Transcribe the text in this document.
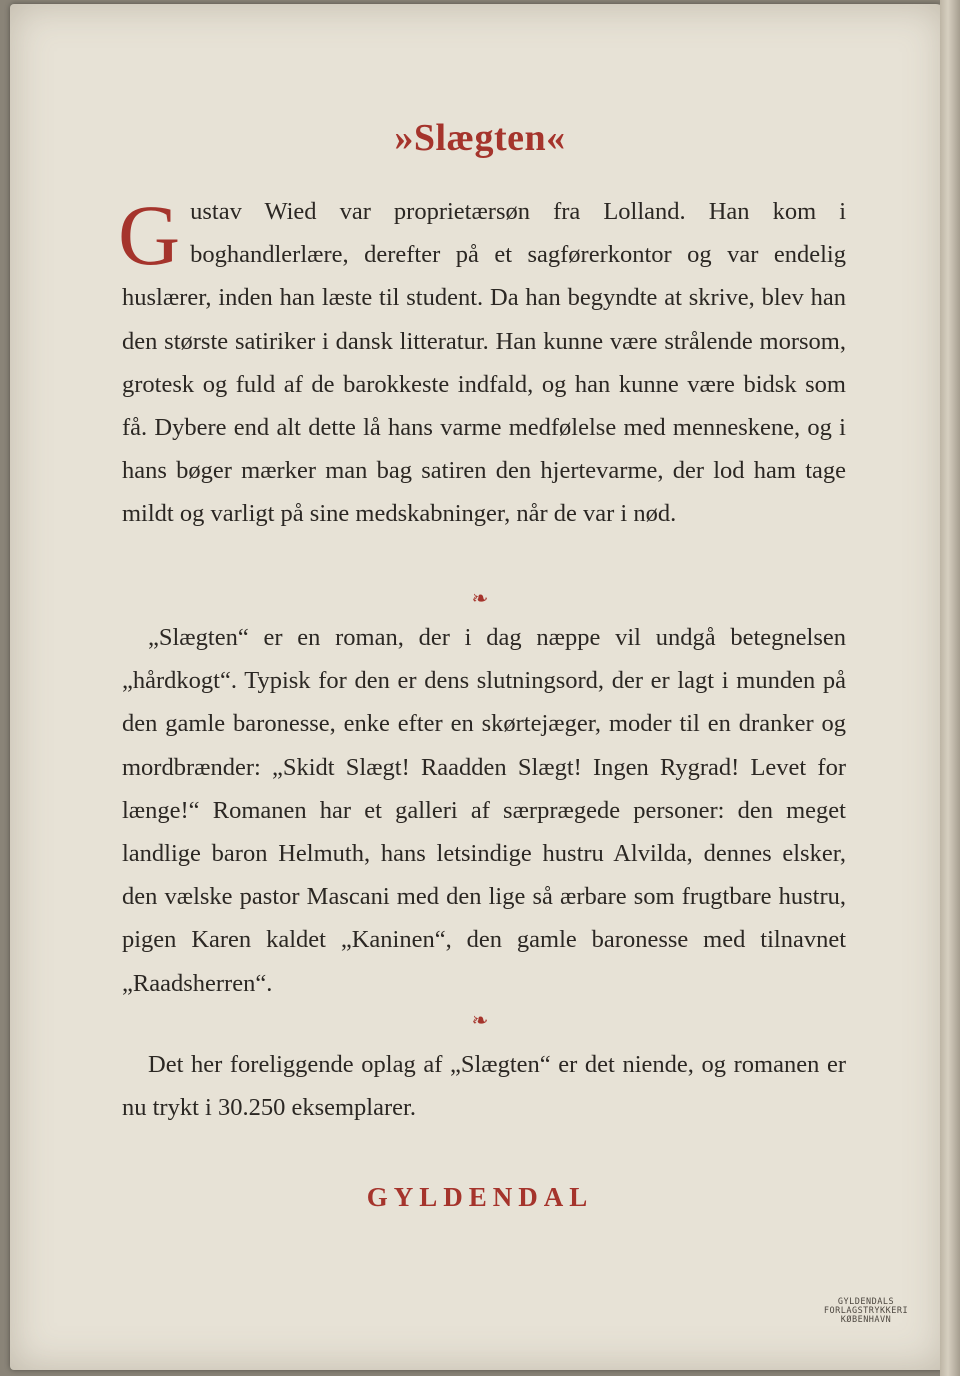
»Slægten«
Gustav Wied var proprietærsøn fra Lolland. Han kom i boghandlerlære, derefter på et sagførerkontor og var endelig huslærer, inden han læste til student. Da han begyndte at skrive, blev han den største satiriker i dansk litteratur. Han kunne være strålende morsom, grotesk og fuld af de barokkeste indfald, og han kunne være bidsk som få. Dybere end alt dette lå hans varme medfølelse med menneskene, og i hans bøger mærker man bag satiren den hjertevarme, der lod ham tage mildt og varligt på sine medskabninger, når de var i nød.
❧
„Slægten“ er en roman, der i dag næppe vil undgå betegnelsen „hårdkogt“. Typisk for den er dens slutningsord, der er lagt i munden på den gamle baronesse, enke efter en skørtejæger, moder til en dranker og mordbrænder: „Skidt Slægt! Raadden Slægt! Ingen Rygrad! Levet for længe!“ Romanen har et galleri af særprægede personer: den meget landlige baron Helmuth, hans letsindige hustru Alvilda, dennes elsker, den vælske pastor Mascani med den lige så ærbare som frugtbare hustru, pigen Karen kaldet „Kaninen“, den gamle baronesse med tilnavnet „Raadsherren“.
❧
Det her foreliggende oplag af „Slægten“ er det niende, og romanen er nu trykt i 30.250 eksemplarer.
GYLDENDAL
GYLDENDALS
FORLAGSTRYKKERI
KØBENHAVN
